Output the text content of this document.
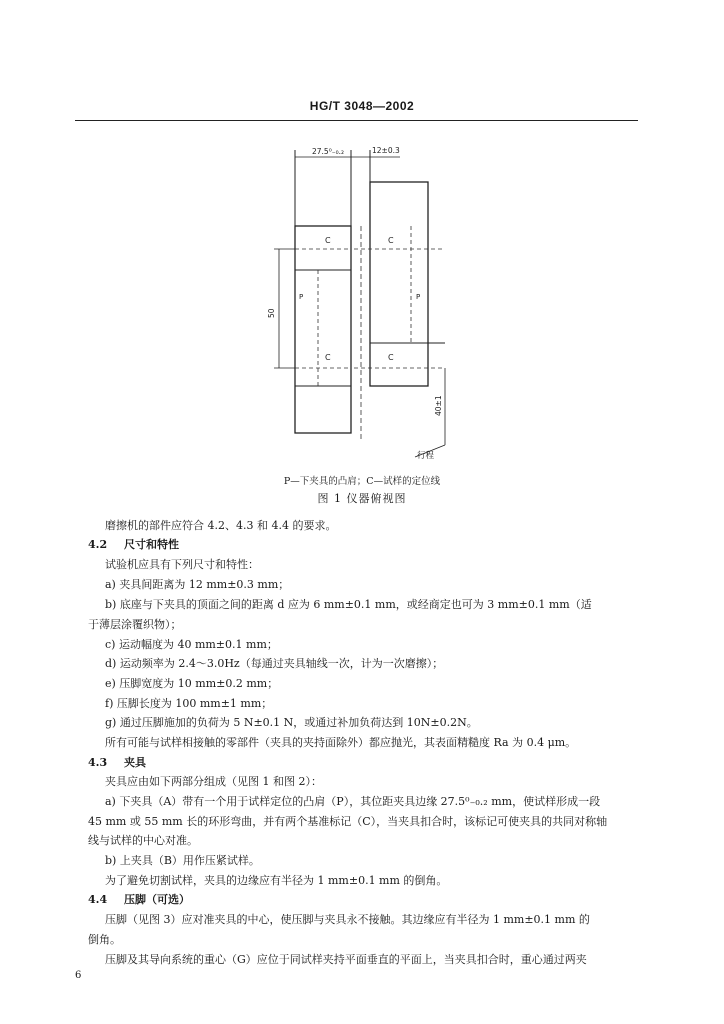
HG/T 3048—2002
27.5⁰₋₀.₂	12±0.3
C
C
P
C
C
P
50
40±1
行程
P—下夹具的凸肩；C—试样的定位线
图 1 仪器俯视图
磨擦机的部件应符合 4.2、4.3 和 4.4 的要求。
4.2 尺寸和特性
试验机应具有下列尺寸和特性：
a) 夹具间距离为 12 mm±0.3 mm；
b) 底座与下夹具的顶面之间的距离 d 应为 6 mm±0.1 mm，或经商定也可为 3 mm±0.1 mm（适
于薄层涂覆织物）；
c) 运动幅度为 40 mm±0.1 mm；
d) 运动频率为 2.4～3.0Hz（每通过夹具轴线一次，计为一次磨擦）；
e) 压脚宽度为 10 mm±0.2 mm；
f) 压脚长度为 100 mm±1 mm；
g) 通过压脚施加的负荷为 5 N±0.1 N，或通过补加负荷达到 10N±0.2N。
所有可能与试样相接触的零部件（夹具的夹持面除外）都应抛光，其表面精糙度 Ra 为 0.4 μm。
4.3 夹具
夹具应由如下两部分组成（见图 1 和图 2）：
a) 下夹具（A）带有一个用于试样定位的凸肩（P），其位距夹具边缘 27.5⁰₋₀.₂ mm，使试样形成一段
45 mm 或 55 mm 长的环形弯曲，并有两个基准标记（C），当夹具扣合时，该标记可使夹具的共同对称轴
线与试样的中心对准。
b) 上夹具（B）用作压紧试样。
为了避免切割试样，夹具的边缘应有半径为 1 mm±0.1 mm 的倒角。
4.4 压脚（可选）
压脚（见图 3）应对准夹具的中心，使压脚与夹具永不接触。其边缘应有半径为 1 mm±0.1 mm 的
倒角。
压脚及其导向系统的重心（G）应位于同试样夹持平面垂直的平面上，当夹具扣合时，重心通过两夹
6
